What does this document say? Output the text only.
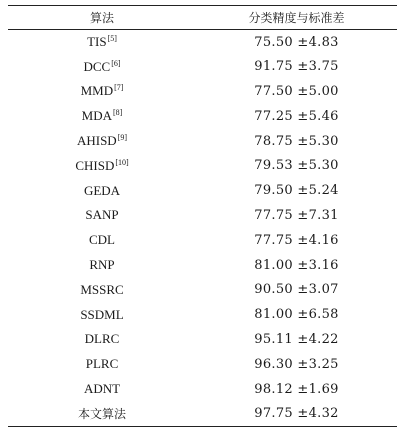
算法	分类精度与标准差
TIS[5]	75.50 ±4.83
DCC[6]	91.75 ±3.75
MMD[7]	77.50 ±5.00
MDA[8]	77.25 ±5.46
AHISD[9]	78.75 ±5.30
CHISD[10]	79.53 ±5.30
GEDA	79.50 ±5.24
SANP	77.75 ±7.31
CDL	77.75 ±4.16
RNP	81.00 ±3.16
MSSRC	90.50 ±3.07
SSDML	81.00 ±6.58
DLRC	95.11 ±4.22
PLRC	96.30 ±3.25
ADNT	98.12 ±1.69
本文算法	97.75 ±4.32
